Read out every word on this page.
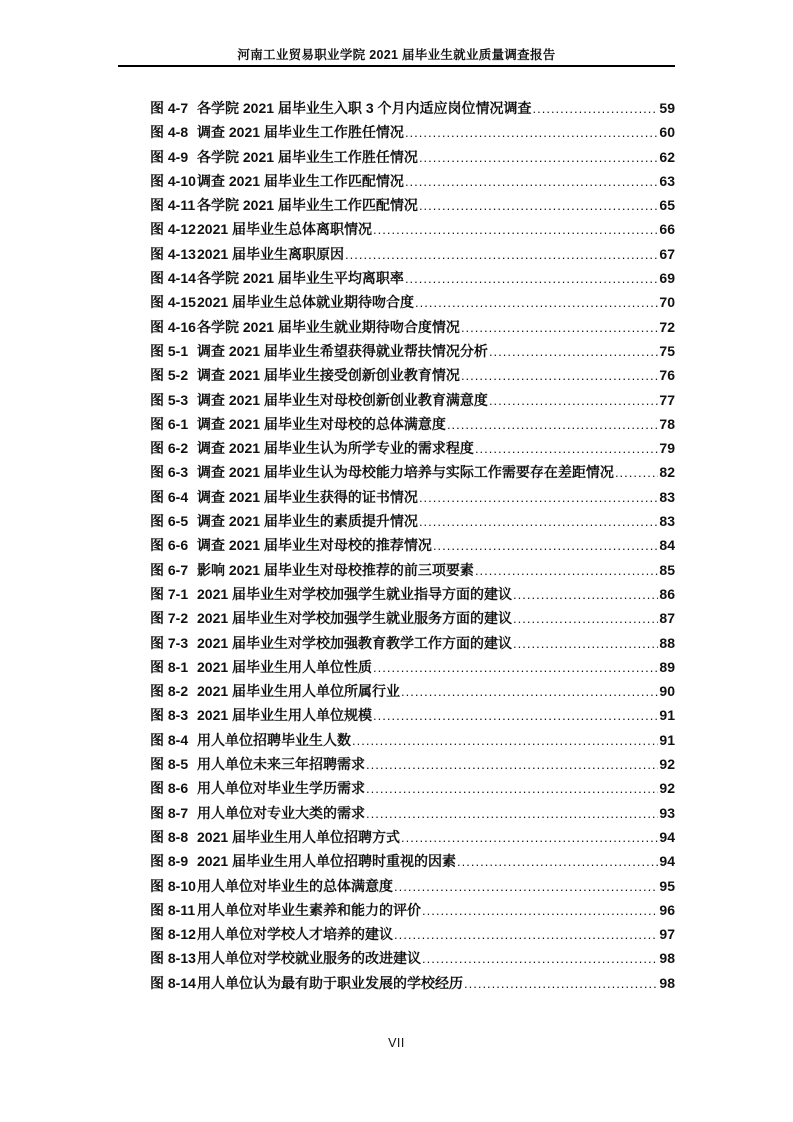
河南工业贸易职业学院 2021 届毕业生就业质量调查报告
图 4-7 各学院 2021 届毕业生入职 3 个月内适应岗位情况调查 .....	59
图 4-8 调查 2021 届毕业生工作胜任情况 .....	60
图 4-9 各学院 2021 届毕业生工作胜任情况 .....	62
图 4-10 调查 2021 届毕业生工作匹配情况 .....	63
图 4-11 各学院 2021 届毕业生工作匹配情况 .....	65
图 4-12 2021 届毕业生总体离职情况 .....	66
图 4-13 2021 届毕业生离职原因 .....	67
图 4-14 各学院 2021 届毕业生平均离职率 .....	69
图 4-15 2021 届毕业生总体就业期待吻合度 .....	70
图 4-16 各学院 2021 届毕业生就业期待吻合度情况 .....	72
图 5-1 调查 2021 届毕业生希望获得就业帮扶情况分析 .....	75
图 5-2 调查 2021 届毕业生接受创新创业教育情况 .....	76
图 5-3 调查 2021 届毕业生对母校创新创业教育满意度 .....	77
图 6-1 调查 2021 届毕业生对母校的总体满意度 .....	78
图 6-2 调查 2021 届毕业生认为所学专业的需求程度 .....	79
图 6-3 调查 2021 届毕业生认为母校能力培养与实际工作需要存在差距情况 .....	82
图 6-4 调查 2021 届毕业生获得的证书情况 .....	83
图 6-5 调查 2021 届毕业生的素质提升情况 .....	83
图 6-6 调查 2021 届毕业生对母校的推荐情况 .....	84
图 6-7 影响 2021 届毕业生对母校推荐的前三项要素 .....	85
图 7-1 2021 届毕业生对学校加强学生就业指导方面的建议 .....	86
图 7-2 2021 届毕业生对学校加强学生就业服务方面的建议 .....	87
图 7-3 2021 届毕业生对学校加强教育教学工作方面的建议 .....	88
图 8-1 2021 届毕业生用人单位性质 .....	89
图 8-2 2021 届毕业生用人单位所属行业 .....	90
图 8-3 2021 届毕业生用人单位规模 .....	91
图 8-4 用人单位招聘毕业生人数 .....	91
图 8-5 用人单位未来三年招聘需求 .....	92
图 8-6 用人单位对毕业生学历需求 .....	92
图 8-7 用人单位对专业大类的需求 .....	93
图 8-8 2021 届毕业生用人单位招聘方式 .....	94
图 8-9 2021 届毕业生用人单位招聘时重视的因素 .....	94
图 8-10 用人单位对毕业生的总体满意度 .....	95
图 8-11 用人单位对毕业生素养和能力的评价 .....	96
图 8-12 用人单位对学校人才培养的建议 .....	97
图 8-13 用人单位对学校就业服务的改进建议 .....	98
图 8-14 用人单位认为最有助于职业发展的学校经历 .....	98
VII
